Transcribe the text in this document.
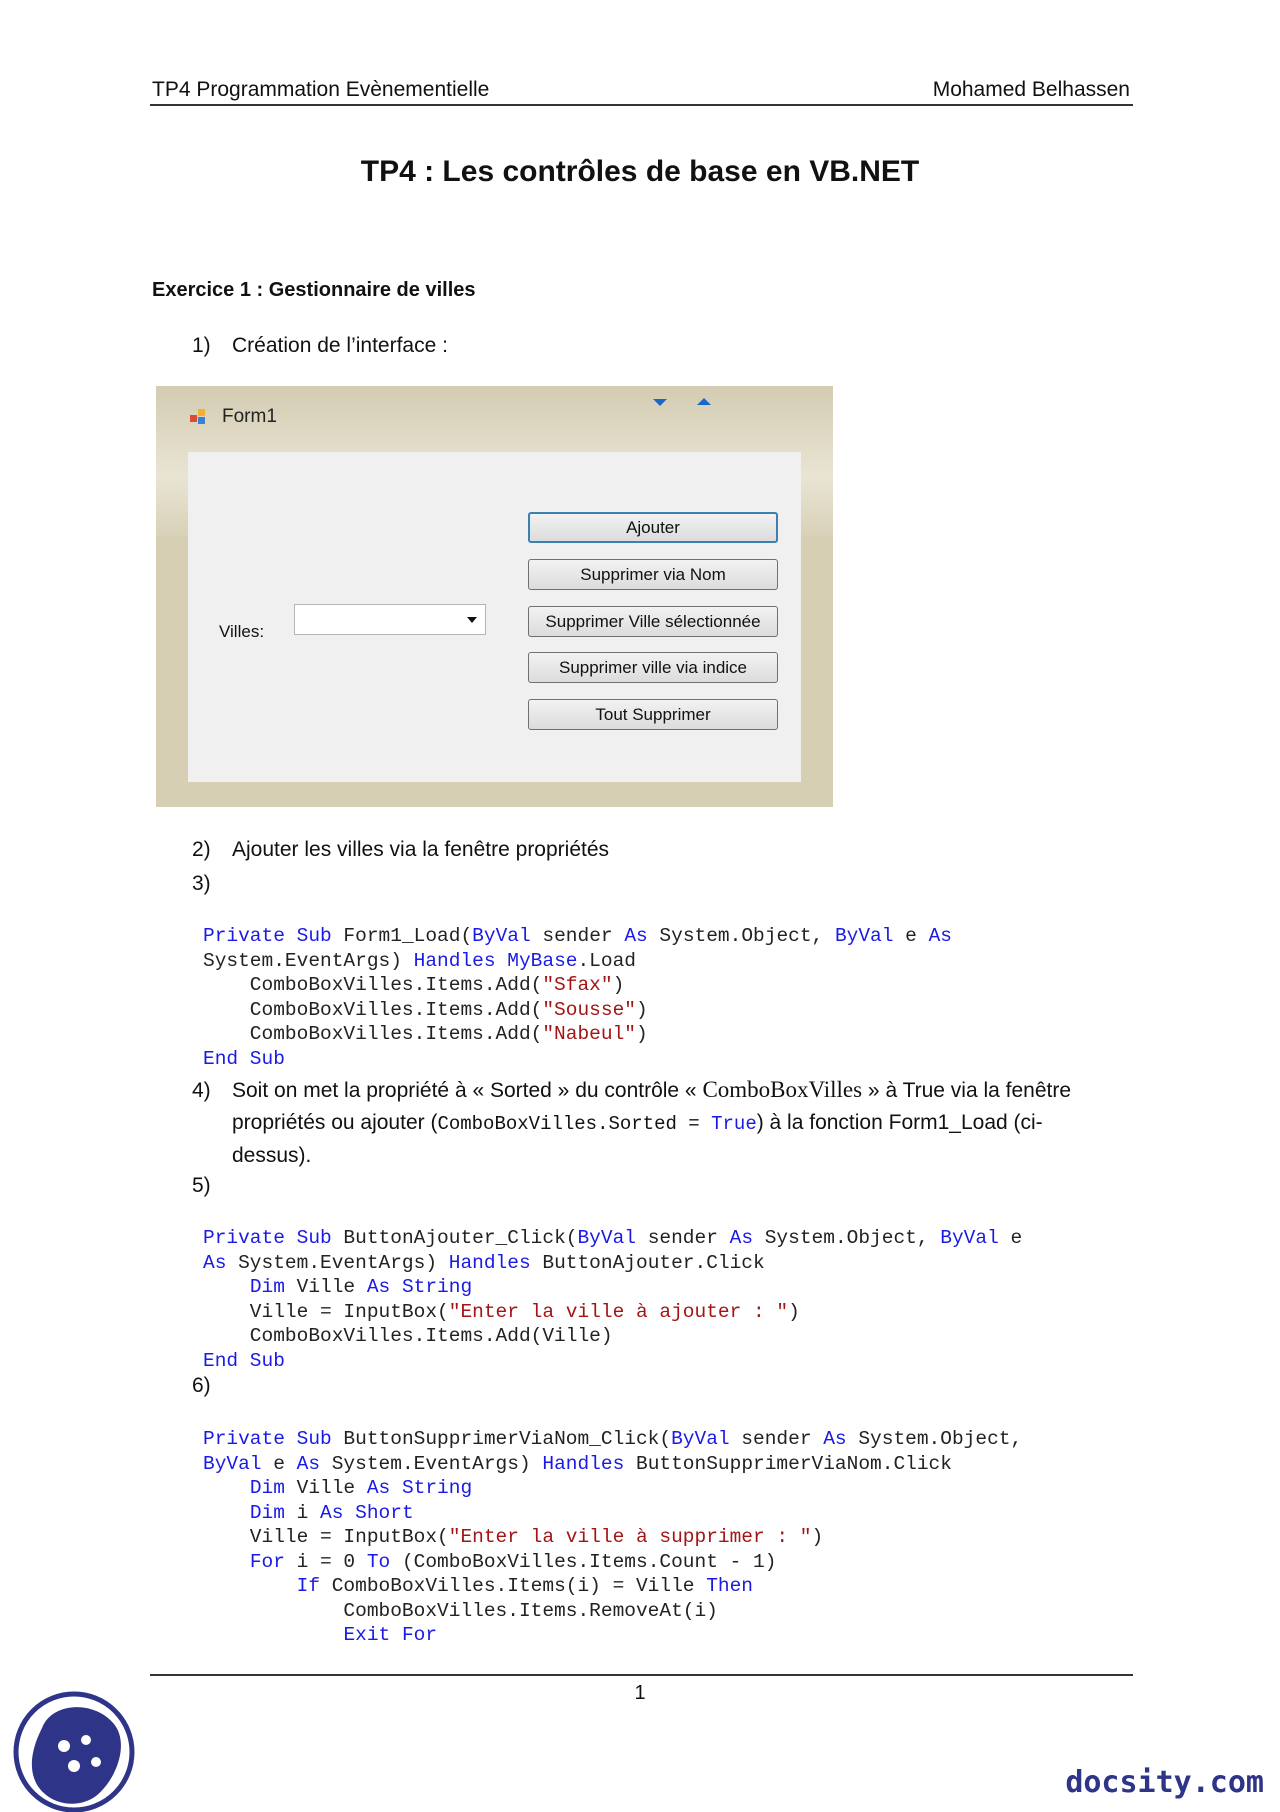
TP4 Programmation Evènementielle	Mohamed Belhassen
TP4 : Les contrôles de base en VB.NET
Exercice 1 : Gestionnaire de villes
1) Création de l’interface :
Form1
Villes:
Ajouter
Supprimer via Nom
Supprimer Ville sélectionnée
Supprimer ville via indice
Tout Supprimer
2) Ajouter les villes via la fenêtre propriétés
3)
Private Sub Form1_Load(ByVal sender As System.Object, ByVal e As
System.EventArgs) Handles MyBase.Load
ComboBoxVilles.Items.Add("Sfax")
ComboBoxVilles.Items.Add("Sousse")
ComboBoxVilles.Items.Add("Nabeul")
End Sub
4) Soit on met la propriété à « Sorted » du contrôle « ComboBoxVilles » à True via la fenêtre
propriétés ou ajouter (ComboBoxVilles.Sorted = True) à la fonction Form1_Load (ci-
dessus).
5)
Private Sub ButtonAjouter_Click(ByVal sender As System.Object, ByVal e
As System.EventArgs) Handles ButtonAjouter.Click
Dim Ville As String
Ville = InputBox("Enter la ville à ajouter : ")
ComboBoxVilles.Items.Add(Ville)
End Sub
6)
Private Sub ButtonSupprimerViaNom_Click(ByVal sender As System.Object,
ByVal e As System.EventArgs) Handles ButtonSupprimerViaNom.Click
Dim Ville As String
Dim i As Short
Ville = InputBox("Enter la ville à supprimer : ")
For i = 0 To (ComboBoxVilles.Items.Count - 1)
If ComboBoxVilles.Items(i) = Ville Then
ComboBoxVilles.Items.RemoveAt(i)
Exit For
1
docsity.com
